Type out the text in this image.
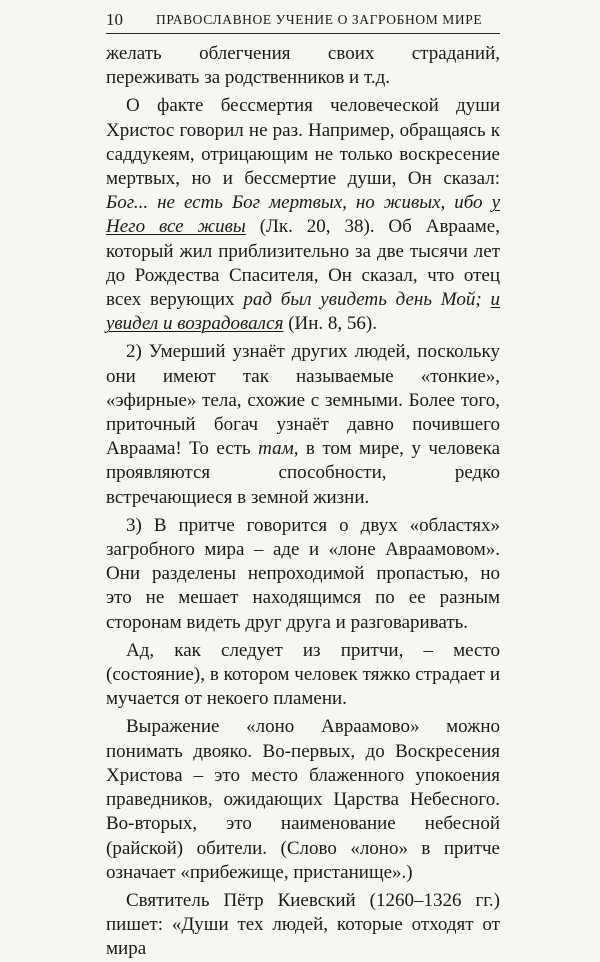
10 ПРАВОСЛАВНОЕ УЧЕНИЕ О ЗАГРОБНОМ МИРЕ

желать облегчения своих страданий, переживать за родственников и т.д.

О факте бессмертия человеческой души Христос говорил не раз. Например, обращаясь к саддукеям, отрицающим не только воскресение мертвых, но и бессмертие души, Он сказал: Бог... не есть Бог мертвых, но живых, ибо у Него все живы (Лк. 20, 38). Об Аврааме, который жил приблизительно за две тысячи лет до Рождества Спасителя, Он сказал, что отец всех верующих рад был увидеть день Мой; и увидел и возрадовался (Ин. 8, 56).

2) Умерший узнаёт других людей, поскольку они имеют так называемые «тонкие», «эфирные» тела, схожие с земными. Более того, приточный богач узнаёт давно почившего Авраама! То есть там, в том мире, у человека проявляются способности, редко встречающиеся в земной жизни.

3) В притче говорится о двух «областях» загробного мира – аде и «лоне Авраамовом». Они разделены непроходимой пропастью, но это не мешает находящимся по ее разным сторонам видеть друг друга и разговаривать.

Ад, как следует из притчи, – место (состояние), в котором человек тяжко страдает и мучается от некоего пламени.

Выражение «лоно Авраамово» можно понимать двояко. Во-первых, до Воскресения Христова – это место блаженного упокоения праведников, ожидающих Царства Небесного. Во-вторых, это наименование небесной (райской) обители. (Слово «лоно» в притче означает «прибежище, пристанище».)

Святитель Пётр Киевский (1260–1326 гг.) пишет: «Души тех людей, которые отходят от мира
